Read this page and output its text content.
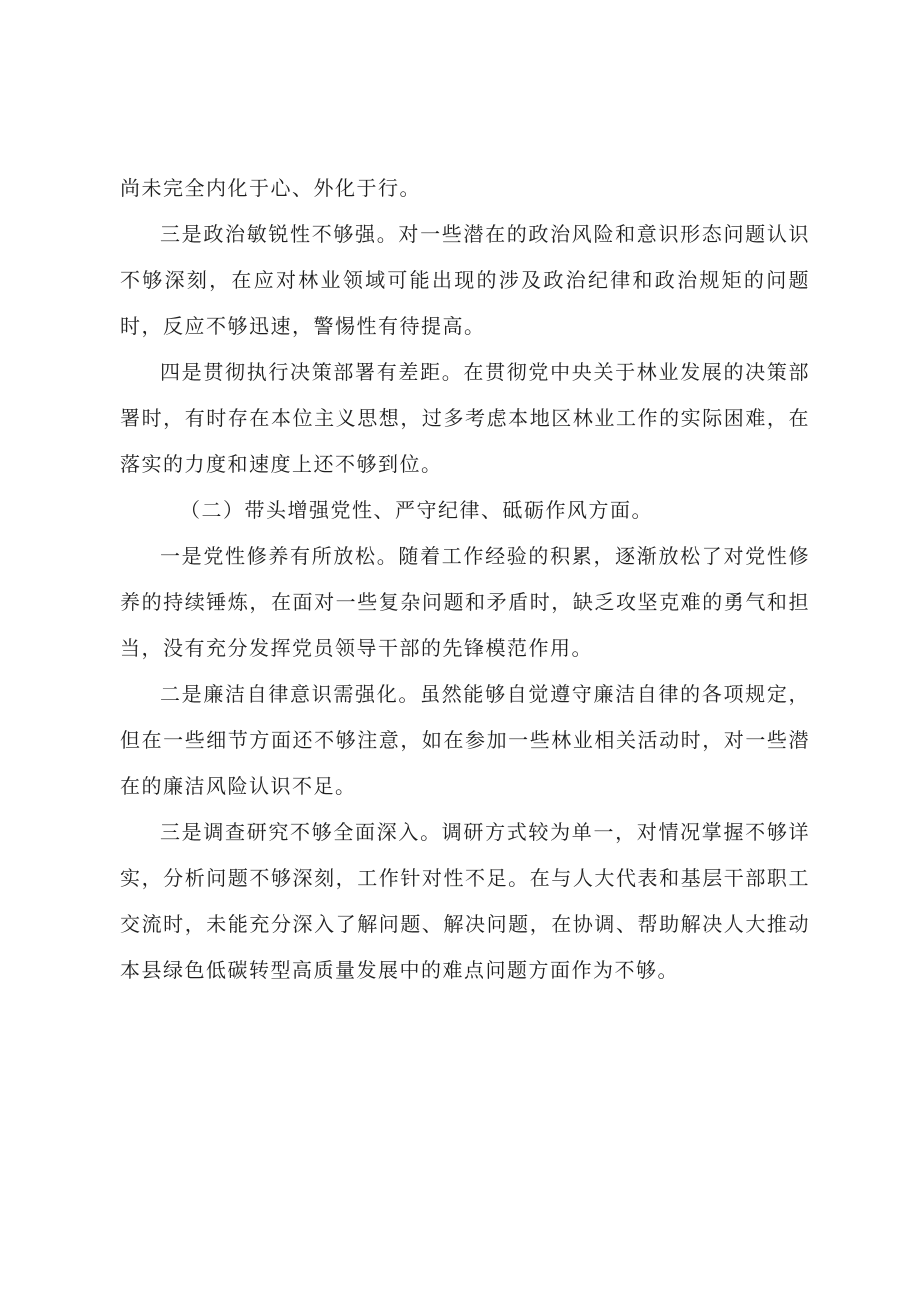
尚未完全内化于心、外化于行。

三是政治敏锐性不够强。对一些潜在的政治风险和意识形态问题认识不够深刻，在应对林业领域可能出现的涉及政治纪律和政治规矩的问题时，反应不够迅速，警惕性有待提高。

四是贯彻执行决策部署有差距。在贯彻党中央关于林业发展的决策部署时，有时存在本位主义思想，过多考虑本地区林业工作的实际困难，在落实的力度和速度上还不够到位。

（二）带头增强党性、严守纪律、砥砺作风方面。

一是党性修养有所放松。随着工作经验的积累，逐渐放松了对党性修养的持续锤炼，在面对一些复杂问题和矛盾时，缺乏攻坚克难的勇气和担当，没有充分发挥党员领导干部的先锋模范作用。

二是廉洁自律意识需强化。虽然能够自觉遵守廉洁自律的各项规定，但在一些细节方面还不够注意，如在参加一些林业相关活动时，对一些潜在的廉洁风险认识不足。

三是调查研究不够全面深入。调研方式较为单一，对情况掌握不够详实，分析问题不够深刻，工作针对性不足。在与人大代表和基层干部职工交流时，未能充分深入了解问题、解决问题，在协调、帮助解决人大推动本县绿色低碳转型高质量发展中的难点问题方面作为不够。
